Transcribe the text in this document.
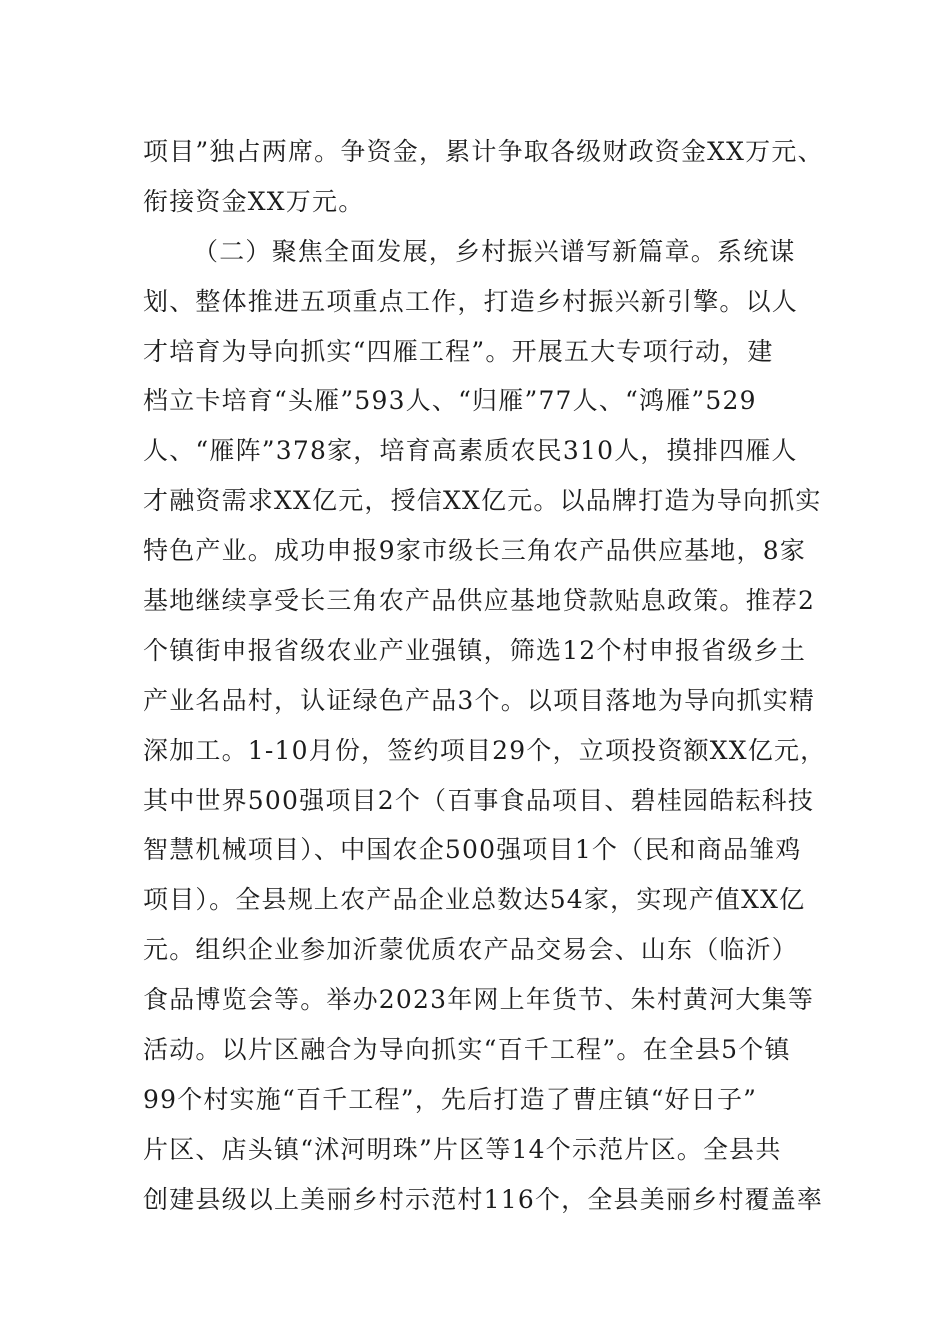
项目”独占两席。争资金，累计争取各级财政资金XX万元、
衔接资金XX万元。
（二）聚焦全面发展，乡村振兴谱写新篇章。系统谋
划、整体推进五项重点工作，打造乡村振兴新引擎。以人
才培育为导向抓实“四雁工程”。开展五大专项行动，建
档立卡培育“头雁”593人、“归雁”77人、“鸿雁”529
人、“雁阵”378家，培育高素质农民310人，摸排四雁人
才融资需求XX亿元，授信XX亿元。以品牌打造为导向抓实
特色产业。成功申报9家市级长三角农产品供应基地，8家
基地继续享受长三角农产品供应基地贷款贴息政策。推荐2
个镇街申报省级农业产业强镇，筛选12个村申报省级乡土
产业名品村，认证绿色产品3个。以项目落地为导向抓实精
深加工。1-10月份，签约项目29个，立项投资额XX亿元，
其中世界500强项目2个（百事食品项目、碧桂园皓耘科技
智慧机械项目）、中国农企500强项目1个（民和商品雏鸡
项目）。全县规上农产品企业总数达54家，实现产值XX亿
元。组织企业参加沂蒙优质农产品交易会、山东（临沂）
食品博览会等。举办2023年网上年货节、朱村黄河大集等
活动。以片区融合为导向抓实“百千工程”。在全县5个镇
99个村实施“百千工程”，先后打造了曹庄镇“好日子”
片区、店头镇“沭河明珠”片区等14个示范片区。全县共
创建县级以上美丽乡村示范村116个，全县美丽乡村覆盖率
